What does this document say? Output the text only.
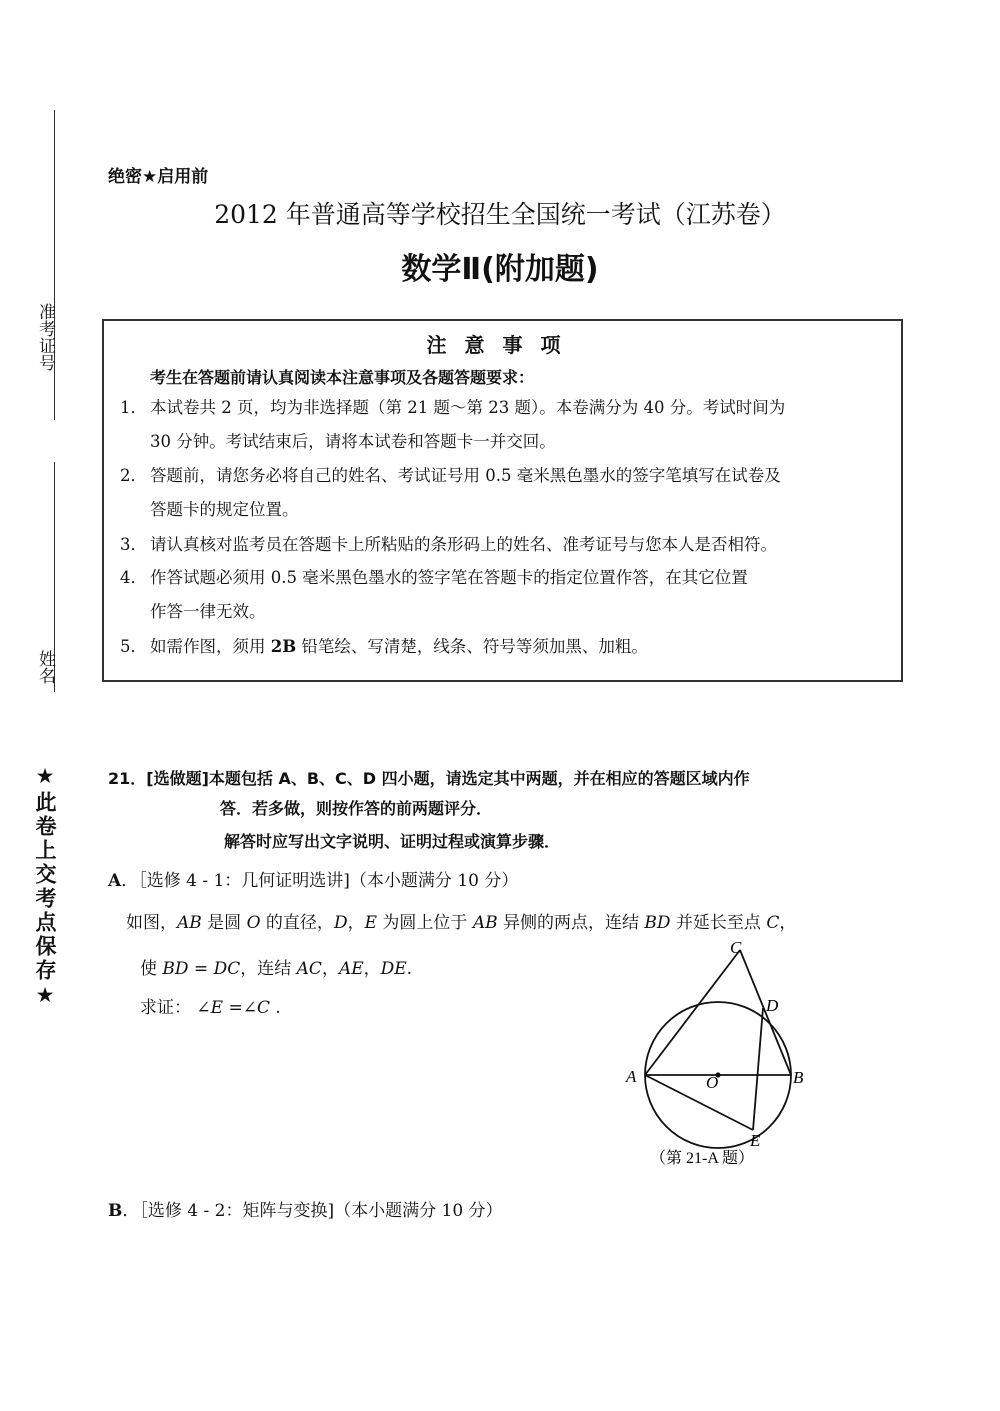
准考证号
姓名
★此卷上交考点保存★
绝密★启用前
2012 年普通高等学校招生全国统一考试（江苏卷）
数学Ⅱ(附加题)
注意事项
考生在答题前请认真阅读本注意事项及各题答题要求：
1． 本试卷共 2 页，均为非选择题（第 21 题～第 23 题）。本卷满分为 40 分。考试时间为
30 分钟。考试结束后，请将本试卷和答题卡一并交回。
2． 答题前，请您务必将自己的姓名、考试证号用 0.5 毫米黑色墨水的签字笔填写在试卷及
答题卡的规定位置。
3． 请认真核对监考员在答题卡上所粘贴的条形码上的姓名、准考证号与您本人是否相符。
4． 作答试题必须用 0.5 毫米黑色墨水的签字笔在答题卡的指定位置作答，在其它位置
作答一律无效。
5． 如需作图，须用 2B 铅笔绘、写清楚，线条、符号等须加黑、加粗。
21．[选做题]本题包括 A、B、C、D 四小题，请选定其中两题，并在相应的答题区域内作
答．若多做，则按作答的前两题评分．
解答时应写出文字说明、证明过程或演算步骤．
A．［选修 4 - 1：几何证明选讲]（本小题满分 10 分）
如图，AB 是圆 O 的直径，D，E 为圆上位于 AB 异侧的两点，连结 BD 并延长至点 C，
使 BD = DC，连结 AC，AE，DE.
求证： ∠E =∠C .
C
D
A	B
O
E
（第 21-A 题）
B．［选修 4 - 2：矩阵与变换]（本小题满分 10 分）
